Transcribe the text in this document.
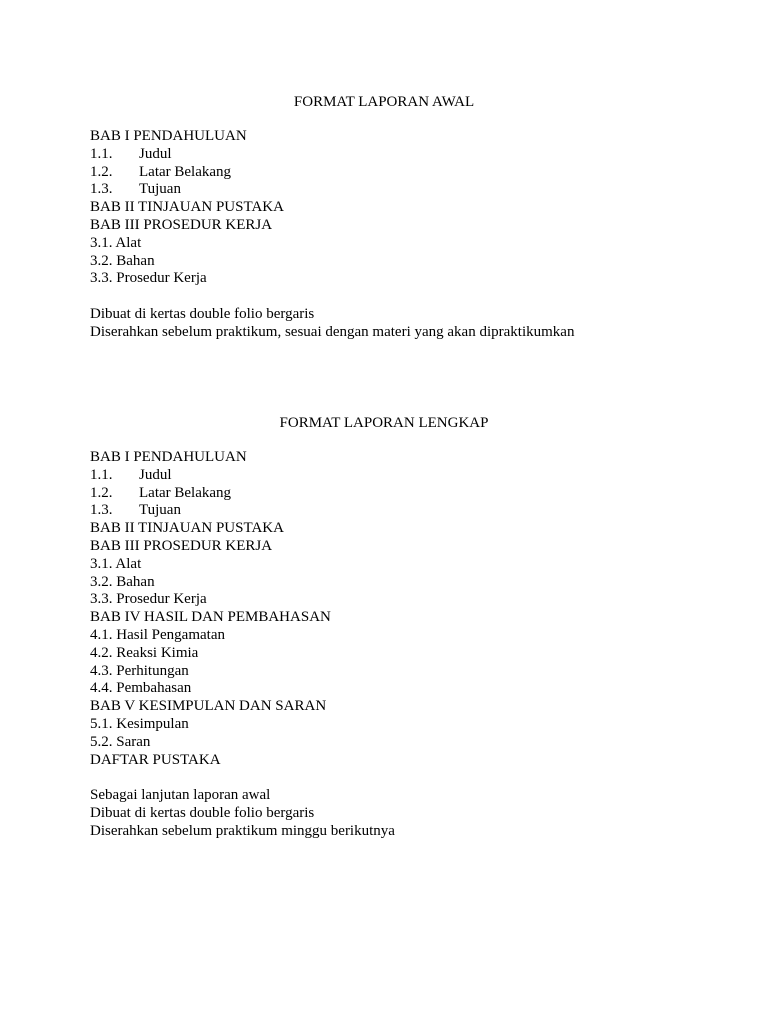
FORMAT LAPORAN AWAL
BAB I PENDAHULUAN
1.1. Judul
1.2. Latar Belakang
1.3. Tujuan
BAB II TINJAUAN PUSTAKA
BAB III PROSEDUR KERJA
3.1. Alat
3.2. Bahan
3.3. Prosedur Kerja
Dibuat di kertas double folio bergaris
Diserahkan sebelum praktikum, sesuai dengan materi yang akan dipraktikumkan
FORMAT LAPORAN LENGKAP
BAB I PENDAHULUAN
1.1. Judul
1.2. Latar Belakang
1.3. Tujuan
BAB II TINJAUAN PUSTAKA
BAB III PROSEDUR KERJA
3.1. Alat
3.2. Bahan
3.3. Prosedur Kerja
BAB IV HASIL DAN PEMBAHASAN
4.1. Hasil Pengamatan
4.2. Reaksi Kimia
4.3. Perhitungan
4.4. Pembahasan
BAB V KESIMPULAN DAN SARAN
5.1. Kesimpulan
5.2. Saran
DAFTAR PUSTAKA
Sebagai lanjutan laporan awal
Dibuat di kertas double folio bergaris
Diserahkan sebelum praktikum minggu berikutnya
